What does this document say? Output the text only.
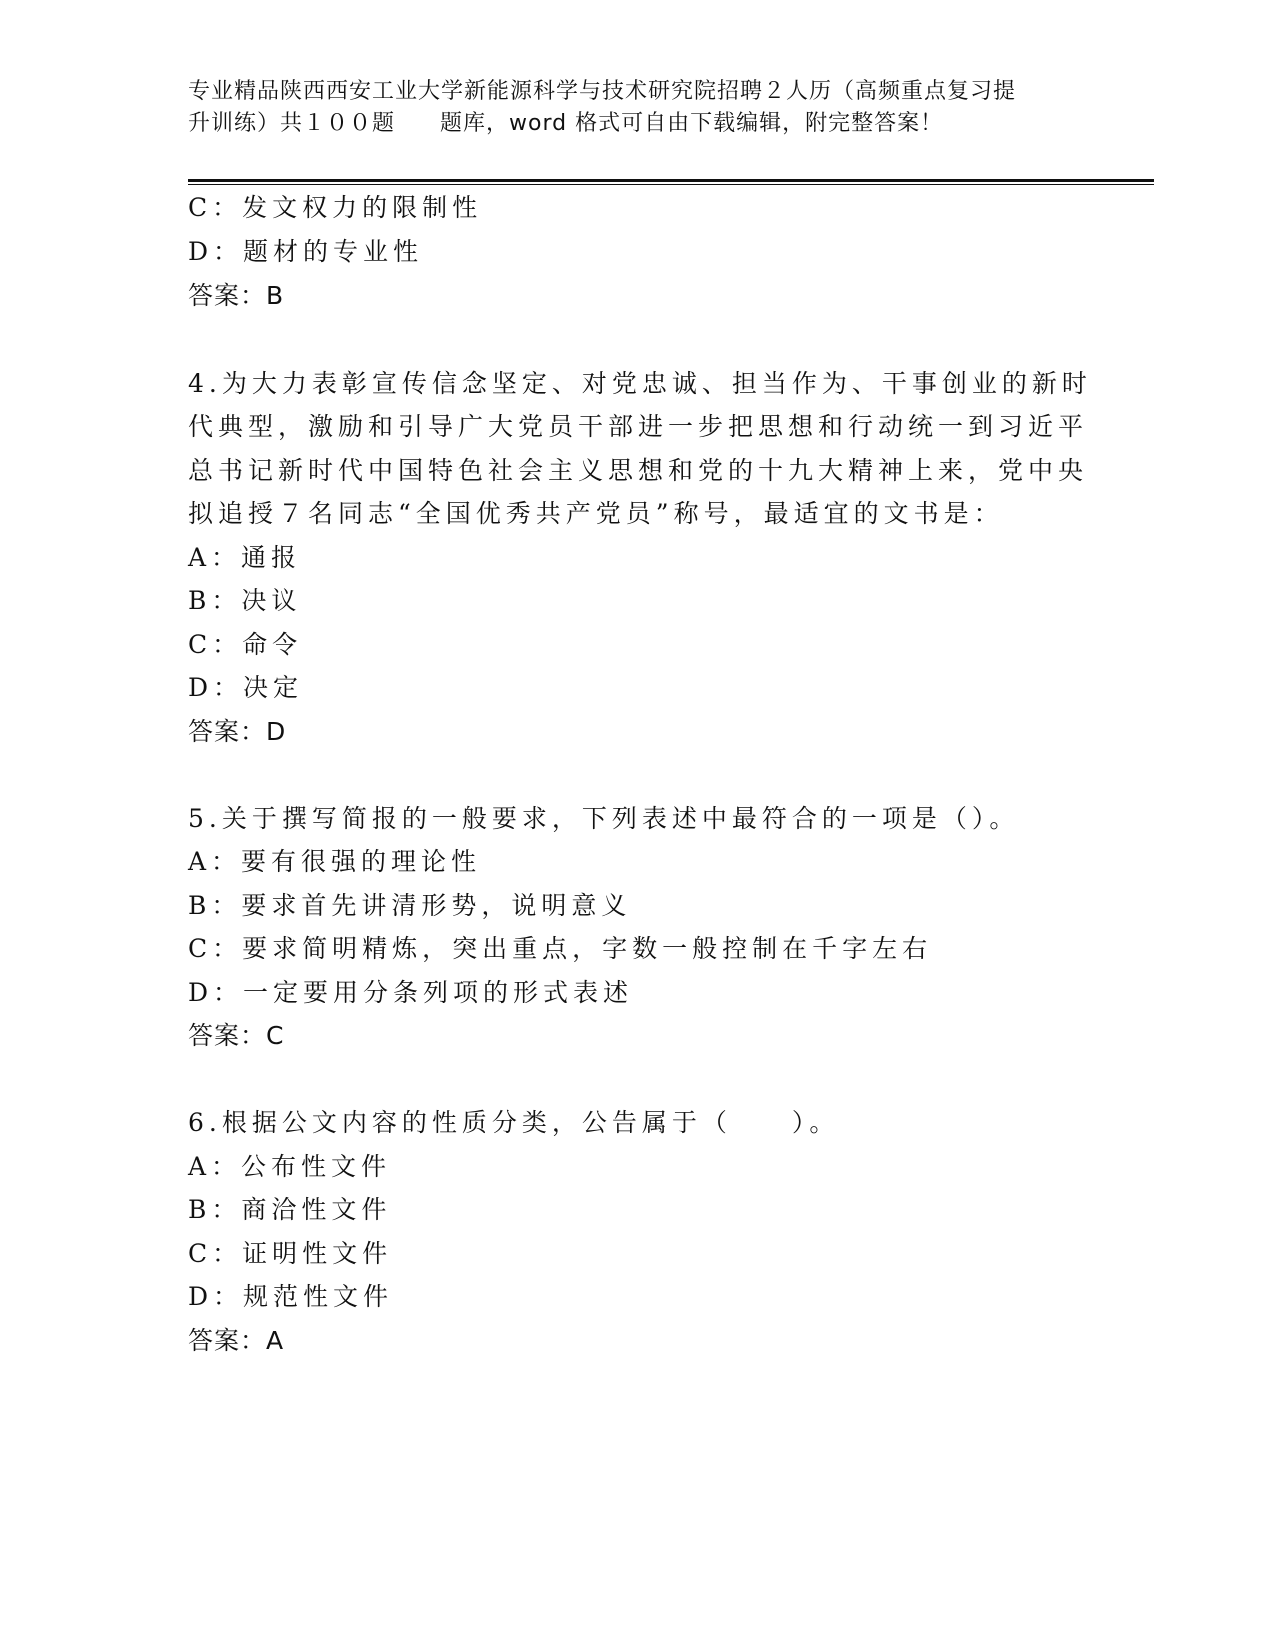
专业精品陕西西安工业大学新能源科学与技术研究院招聘２人历（高频重点复习提
升训练）共１００题 题库，word 格式可自由下载编辑，附完整答案！
C：发文权力的限制性
D：题材的专业性
答案：B
4.为大力表彰宣传信念坚定、对党忠诚、担当作为、干事创业的新时
代典型，激励和引导广大党员干部进一步把思想和行动统一到习近平
总书记新时代中国特色社会主义思想和党的十九大精神上来，党中央
拟追授７名同志“全国优秀共产党员”称号，最适宜的文书是：
A：通报
B：决议
C：命令
D：决定
答案：D
5.关于撰写简报的一般要求，下列表述中最符合的一项是（）。
A：要有很强的理论性
B：要求首先讲清形势，说明意义
C：要求简明精炼，突出重点，字数一般控制在千字左右
D：一定要用分条列项的形式表述
答案：C
6.根据公文内容的性质分类，公告属于（　　）。
A：公布性文件
B：商洽性文件
C：证明性文件
D：规范性文件
答案：A
